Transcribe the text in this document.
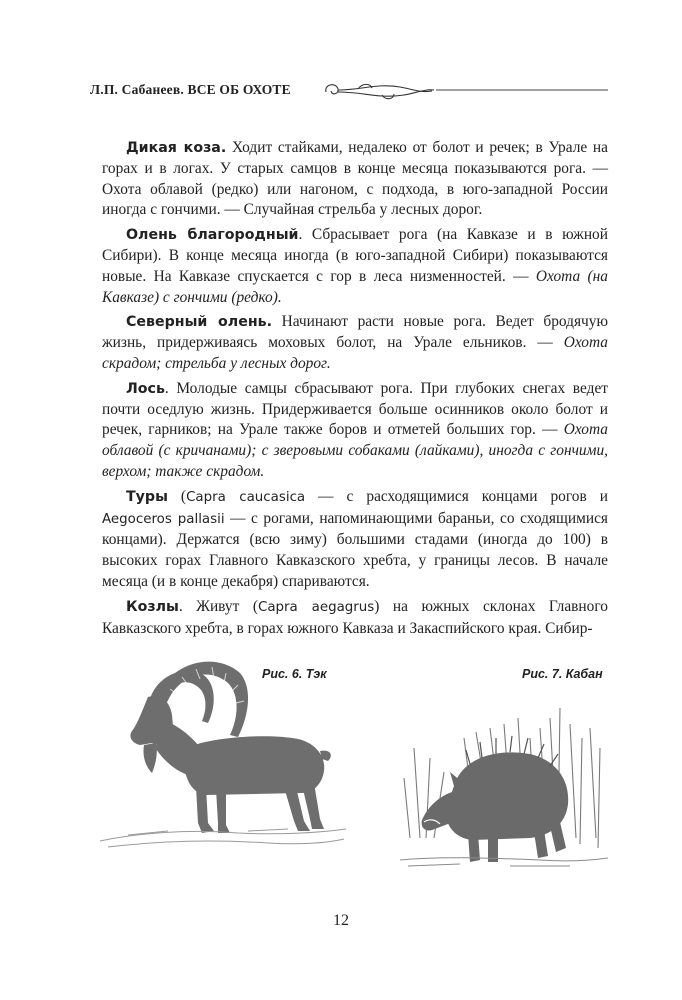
Л.П. Сабанеев. ВСЕ ОБ ОХОТЕ

Дикая коза. Ходит стайками, недалеко от болот и речек; в Урале на горах и в логах. У старых самцов в конце месяца показываются рога. — Охота облавой (редко) или нагоном, с подхода, в юго-западной России иногда с гончими. — Случайная стрельба у лесных дорог.

Олень благородный. Сбрасывает рога (на Кавказе и в южной Сибири). В конце месяца иногда (в юго-западной Сибири) показываются новые. На Кавказе спускается с гор в леса низменностей. — Охота (на Кавказе) с гончими (редко).

Северный олень. Начинают расти новые рога. Ведет бродячую жизнь, придерживаясь моховых болот, на Урале ельников. — Охота скрадом; стрельба у лесных дорог.

Лось. Молодые самцы сбрасывают рога. При глубоких снегах ведет почти оседлую жизнь. Придерживается больше осинников около болот и речек, гарников; на Урале также боров и отметей больших гор. — Охота облавой (с кричанами); с зверовыми собаками (лайками), иногда с гончими, верхом; также скрадом.

Туры (Capra caucasica — с расходящимися концами рогов и Aegoceros pallasii — с рогами, напоминающими бараньи, со сходящимися концами). Держатся (всю зиму) большими стадами (иногда до 100) в высоких горах Главного Кавказского хребта, у границы лесов. В начале месяца (и в конце декабря) спариваются.

Козлы. Живут (Capra aegagrus) на южных склонах Главного Кавказского хребта, в горах южного Кавказа и Закаспийского края. Сибир-

Рис. 6. Тэк	Рис. 7. Кабан
12
